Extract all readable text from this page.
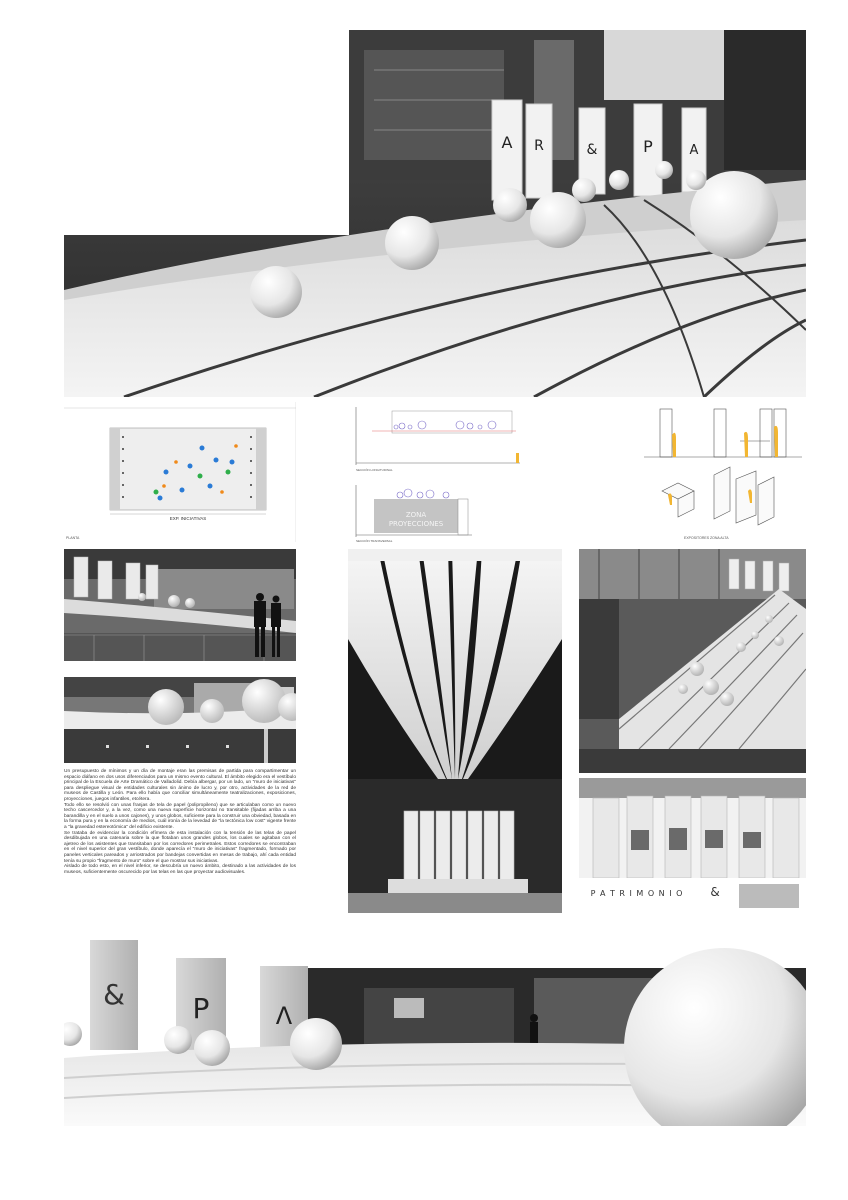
A R	&	P	A
EXP. INICIATIVAS
PLANTA
SECCIÓN LONGITUDINAL
ZONA
PROYECCIONES
SECCIÓN TRANSVERSAL
EXPOSITORES ZONA ALTA

Un presupuesto de mínimos y un día de montaje eran las premisas de partida para compartimentar un espacio diáfano en dos usos diferenciados para un mismo evento cultural. El ámbito elegido era el vestíbulo principal de la Escuela de Arte Dramático de Valladolid. Debía albergar, por un lado, un "muro de iniciativas" para despliegue visual de entidades culturales sin ánimo de lucro y, por otro, actividades de la red de museos de Castilla y León. Para ello había que conciliar simultáneamente teatralizaciones, exposiciones, proyecciones, juegos infantiles, etcétera.

Todo ello se resolvió con unas franjas de tela de papel (polipropileno) que se articulaban como un nuevo techo cascercedor y, a la vez, como una nueva superficie horizontal no transitable (fijadas arriba a una barandilla y en el suelo a unos cajones), y unos globos, suficiente para la construir una obviedad, basada en la forma pura y en la economía de medios, cuál ironía de la levedad de "la tectónica low cost" vigente frente a "la gravedad estereotómica" del edificio existente.

Se trataba de evidenciar la condición efímera de esta instalación con la tensión de las telas de papel desdibujada en una catenaria sobre la que flotaban unos grandes globos, los cuales se agitaban con el ajetreo de los asistentes que transitaban por los corredores perimetrales. Estos corredores se encontraban en el nivel superior del gran vestíbulo, donde aparecía el "muro de iniciativas" fragmentado, formado por paneles verticales pareados y arriostrados por bandejas convertidas en mesas de trabajo, ahí cada entidad tenía su propio "fragmento de muro" sobre el que mostrar sus iniciativas.

Aislado de todo esto, en el nivel inferior, se descubría un nuevo ámbito, destinado a las actividades de los museos, suficientemente oscurecido por las telas en las que proyectar audiovisuales.

P A T R I M O N I O &
& P	Λ
